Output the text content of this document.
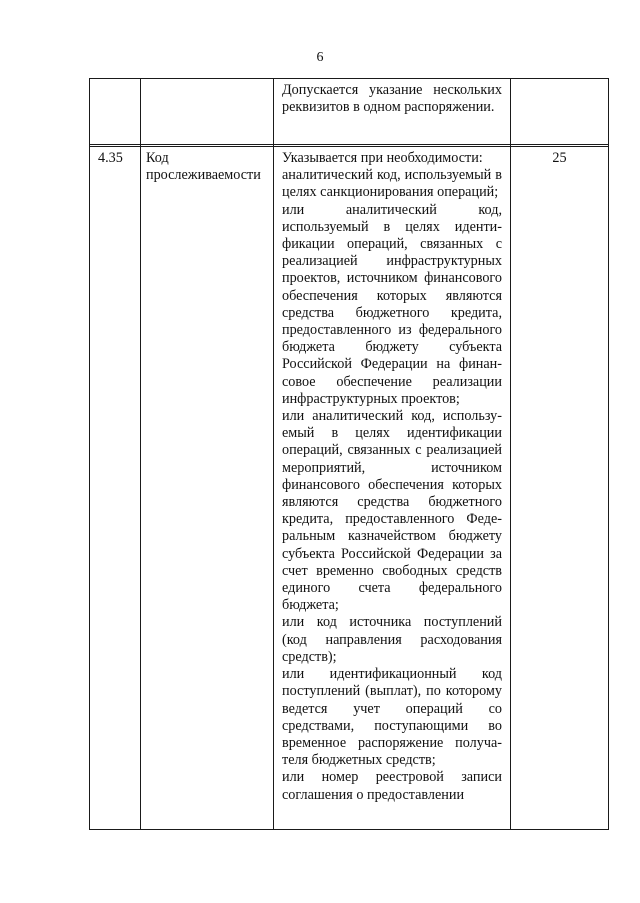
6
Допускается указание нескольких реквизитов в одном распоряжении.
4.35	Код прослеживаемости
Указывается при необходимости:
аналитический код, используемый в целях санкционирования операций;
или аналитический код, используемый в целях идентификации операций, связанных с реализацией инфраструктурных проектов, источником финансового обеспечения которых являются средства бюджетного кредита, предоставленного из федерального бюджета бюджету субъекта Российской Федерации на финансовое обеспечение реализации инфраструктурных проектов;
или аналитический код, используемый в целях идентификации операций, связанных с реализацией мероприятий, источником финансового обеспечения которых являются средства бюджетного кредита, предоставленного Федеральным казначейством бюджету субъекта Российской Федерации за счет временно свободных средств единого счета федерального бюджета;
или код источника поступлений (код направления расходования средств);
или идентификационный код поступлений (выплат), по которому ведется учет операций со средствами, поступающими во временное распоряжение получателя бюджетных средств;
или номер реестровой записи соглашения о предоставлении
25
